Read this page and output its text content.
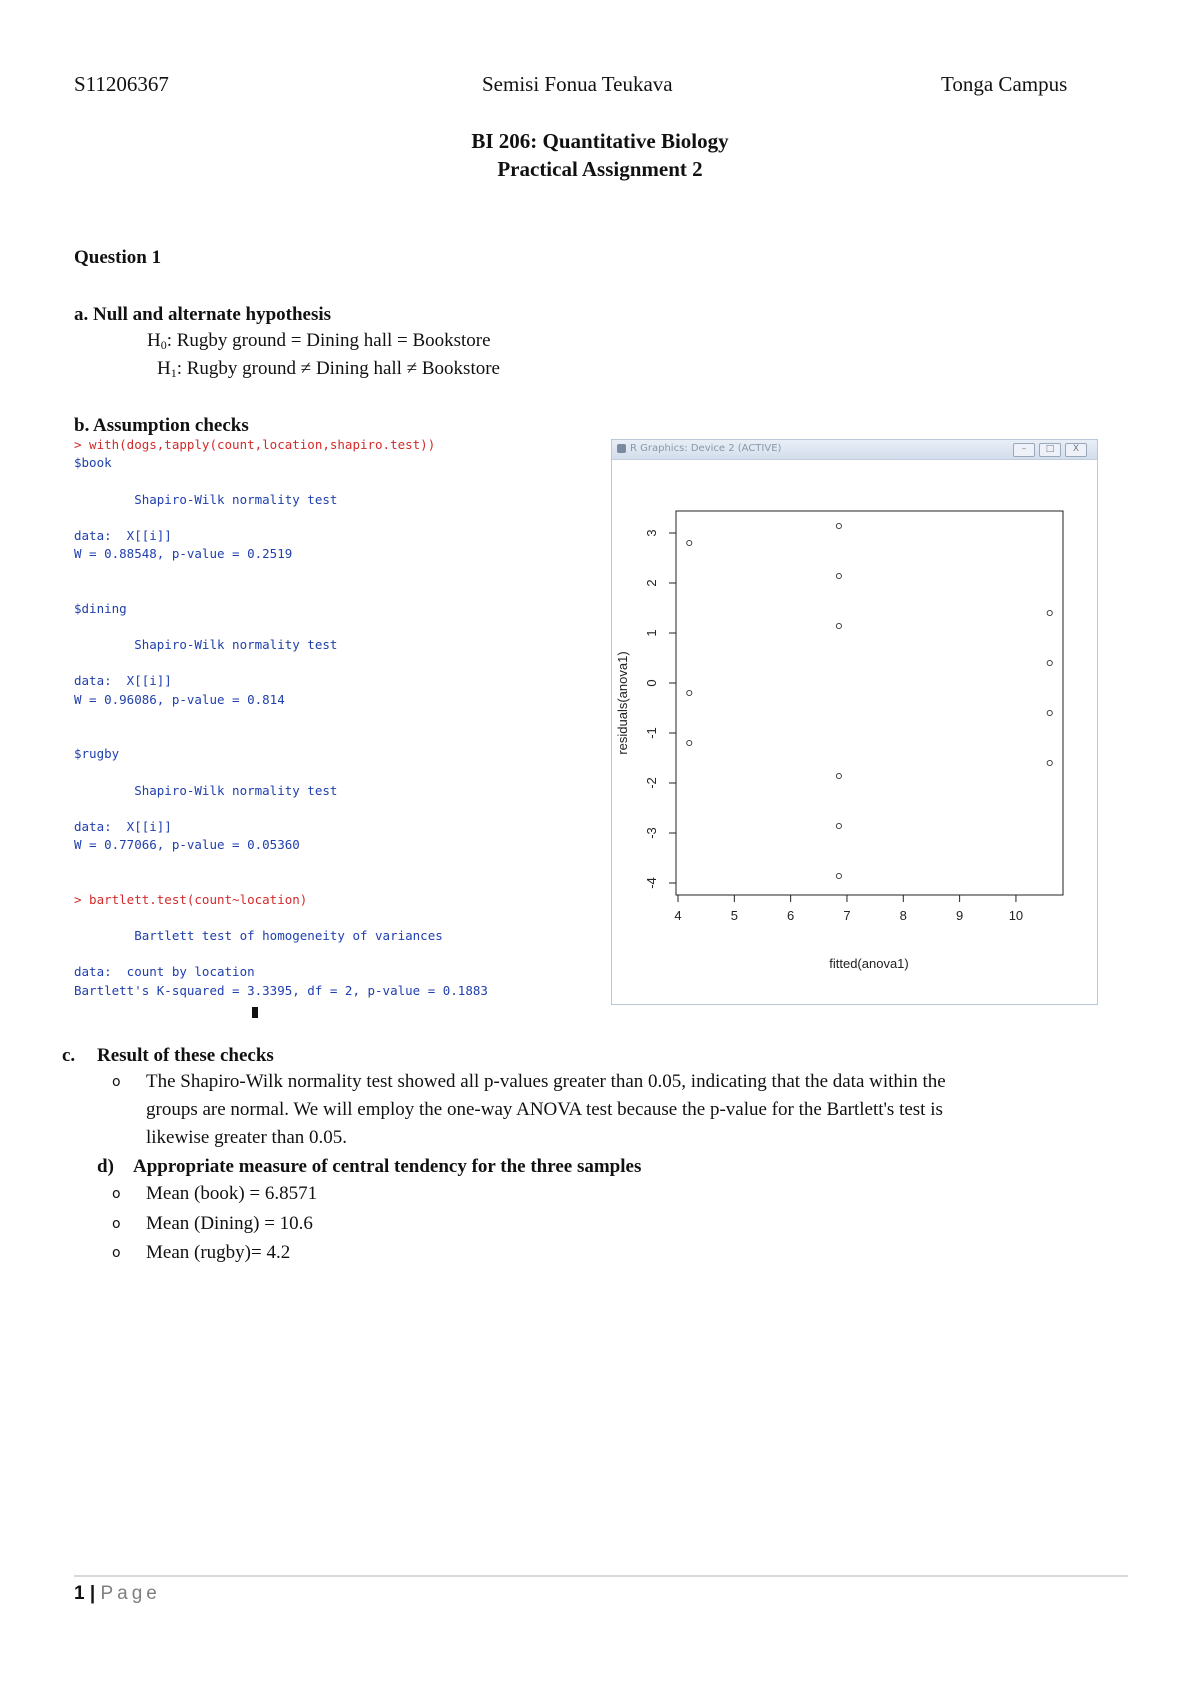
S11206367	Semisi Fonua Teukava	Tonga Campus
BI 206: Quantitative Biology
Practical Assignment 2
Question 1
a. Null and alternate hypothesis
$H_0$: Rugby ground = Dining hall = Bookstore
$H_1$: Rugby ground ≠ Dining hall ≠ Bookstore
b. Assumption checks
> with(dogs,tapply(count,location,shapiro.test))
$book
Shapiro-Wilk normality test
data:  X[[i]]
W = 0.88548, p-value = 0.2519
$dining
Shapiro-Wilk normality test
data:  X[[i]]
W = 0.96086, p-value = 0.814
$rugby
Shapiro-Wilk normality test
data:  X[[i]]
W = 0.77066, p-value = 0.05360
> bartlett.test(count~location)
Bartlett test of homogeneity of variances
data:  count by location
Bartlett's K-squared = 3.3395, df = 2, p-value = 0.1883
R Graphics: Device 2 (ACTIVE)	–	□	X
4	5	6	7	8	9	10
-4
-3
-2
-1
0
1
2
3
fitted(anova1)
residuals(anova1)
c. Result of these checks
o The Shapiro-Wilk normality test showed all p-values greater than 0.05, indicating that the data within the
groups are normal. We will employ the one-way ANOVA test because the p-value for the Bartlett's test is
likewise greater than 0.05.
d) Appropriate measure of central tendency for the three samples
o Mean (book) = 6.8571
o Mean (Dining) = 10.6
o Mean (rugby)= 4.2
1 | Page
